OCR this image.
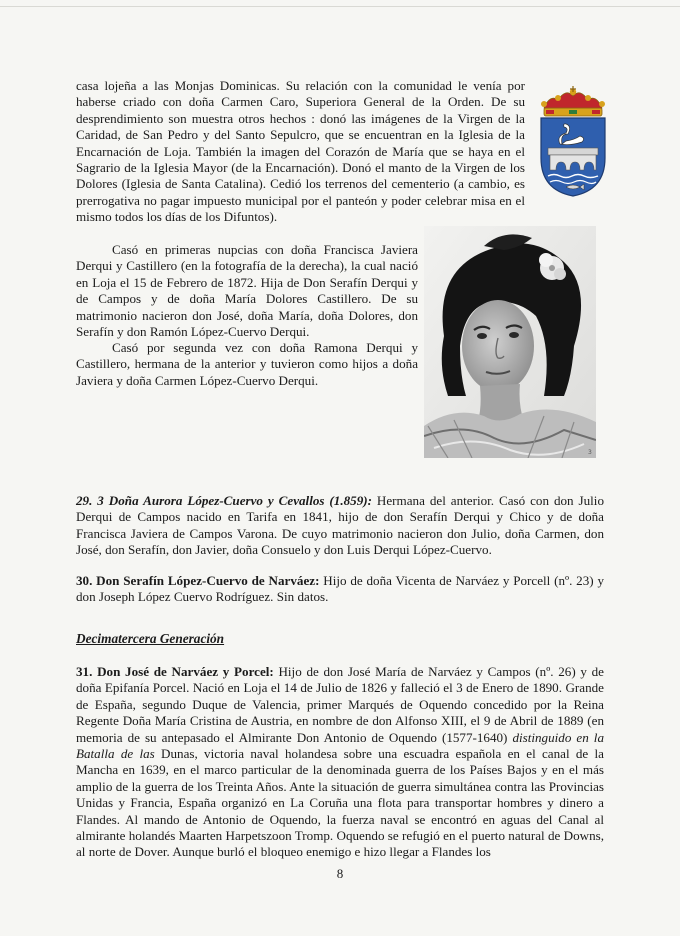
casa lojeña a las Monjas Dominicas. Su relación con la comunidad le venía por haberse criado con doña Carmen Caro, Superiora General de la Orden. De su desprendimiento son muestra otros hechos : donó las imágenes de la Virgen de la Caridad, de San Pedro y del Santo Sepulcro, que se encuentran en la Iglesia de la Encarnación de Loja. También la imagen del Corazón de María que se haya en el Sagrario de la Iglesia Mayor (de la Encarnación). Donó el manto de la Virgen de los Dolores (Iglesia de Santa Catalina). Cedió los terrenos del cementerio (a cambio, es prerrogativa no pagar impuesto municipal por el panteón y poder celebrar misa en el mismo todos los días de los Difuntos).

Casó en primeras nupcias con doña Francisca Javiera Derqui y Castillero (en la fotografía de la derecha), la cual nació en Loja el 15 de Febrero de 1872. Hija de Don Serafín Derqui y de Campos y de doña María Dolores Castillero. De su matrimonio nacieron don José, doña María, doña Dolores, don Serafín y don Ramón López-Cuervo Derqui.

Casó por segunda vez con doña Ramona Derqui y Castillero, hermana de la anterior y tuvieron como hijos a doña Javiera y doña Carmen López-Cuervo Derqui.

3

29. 3 Doña Aurora López-Cuervo y Cevallos (1.859): Hermana del anterior. Casó con don Julio Derqui de Campos nacido en Tarifa en 1841, hijo de don Serafín Derqui y Chico y de doña Francisca Javiera de Campos Varona. De cuyo matrimonio nacieron don Julio, doña Carmen, don José, don Serafín, don Javier, doña Consuelo y don Luis Derqui López-Cuervo.

30. Don Serafín López-Cuervo de Narváez: Hijo de doña Vicenta de Narváez y Porcell (nº. 23) y don Joseph López Cuervo Rodríguez. Sin datos.

Decimatercera Generación

31. Don José de Narváez y Porcel: Hijo de don José María de Narváez y Campos (nº. 26) y de doña Epifanía Porcel. Nació en Loja el 14 de Julio de 1826 y falleció el 3 de Enero de 1890. Grande de España, segundo Duque de Valencia, primer Marqués de Oquendo concedido por la Reina Regente Doña María Cristina de Austria, en nombre de don Alfonso XIII, el 9 de Abril de 1889 (en memoria de su antepasado el Almirante Don Antonio de Oquendo (1577-1640) distinguido en la Batalla de las Dunas, victoria naval holandesa sobre una escuadra española en el canal de la Mancha en 1639, en el marco particular de la denominada guerra de los Países Bajos y en el más amplio de la guerra de los Treinta Años. Ante la situación de guerra simultánea contra las Provincias Unidas y Francia, España organizó en La Coruña una flota para transportar hombres y dinero a Flandes. Al mando de Antonio de Oquendo, la fuerza naval se encontró en aguas del Canal al almirante holandés Maarten Harpetszoon Tromp. Oquendo se refugió en el puerto natural de Downs, al norte de Dover. Aunque burló el bloqueo enemigo e hizo llegar a Flandes los

8
